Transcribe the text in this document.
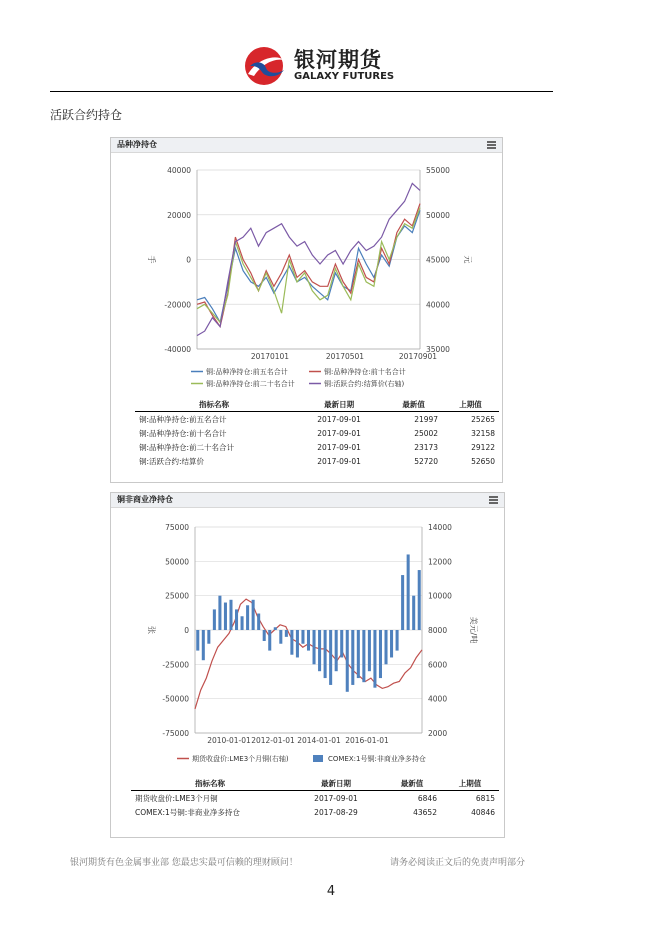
银河期货
GALAXY FUTURES
活跃合约持仓
品种净持仓
40000
20000
0
-20000
-40000
55000
50000
45000
40000
35000
手	元
20170101	20170501	20170901
铜:品种净持仓:前五名合计	铜:品种净持仓:前十名合计
铜:品种净持仓:前二十名合计	铜:活跃合约:结算价(右轴)
指标名称	最新日期	最新值	上期值
铜:品种净持仓:前五名合计	2017-09-01	21997	25265
铜:品种净持仓:前十名合计	2017-09-01	25002	32158
铜:品种净持仓:前二十名合计	2017-09-01	23173	29122
铜:活跃合约:结算价	2017-09-01	52720	52650
铜非商业净持仓
75000
50000
25000
0
-25000
-50000
-75000
14000
12000
10000
8000
6000
4000
2000
张	美元/吨
2010-01-01 2012-01-01 2014-01-01 2016-01-01
期货收盘价:LME3个月铜(右轴)	COMEX:1号铜:非商业净多持仓
指标名称	最新日期	最新值	上期值
期货收盘价:LME3个月铜	2017-09-01	6846	6815
COMEX:1号铜:非商业净多持仓	2017-08-29	43652	40846
银河期货有色金属事业部 您最忠实最可信赖的理财顾问！	请务必阅读正文后的免责声明部分
4
